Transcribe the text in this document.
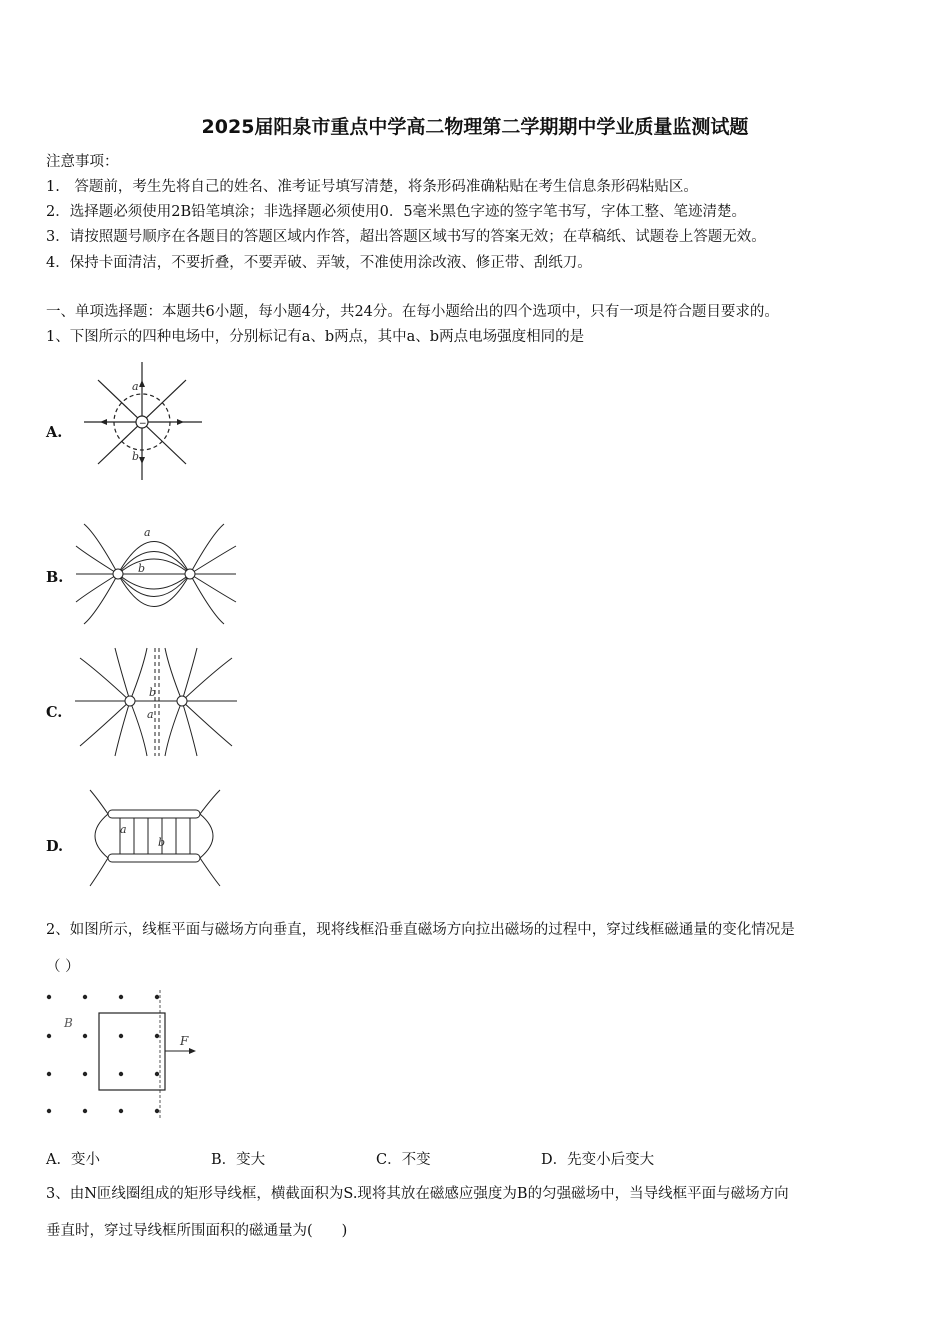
2025届阳泉市重点中学高二物理第二学期期中学业质量监测试题
注意事项：
1.　答题前，考生先将自己的姓名、准考证号填写清楚，将条形码准确粘贴在考生信息条形码粘贴区。
2．选择题必须使用2B铅笔填涂；非选择题必须使用0．5毫米黑色字迹的签字笔书写，字体工整、笔迹清楚。
3．请按照题号顺序在各题目的答题区域内作答，超出答题区域书写的答案无效；在草稿纸、试题卷上答题无效。
4．保持卡面清洁，不要折叠，不要弄破、弄皱，不准使用涂改液、修正带、刮纸刀。
一、单项选择题：本题共6小题，每小题4分，共24分。在每小题给出的四个选项中，只有一项是符合题目要求的。
1、下图所示的四种电场中，分别标记有a、b两点，其中a、b两点电场强度相同的是
A.	−
a
b
B.
a
b
C.
b
a
D.
a
b
2、如图所示，线框平面与磁场方向垂直，现将线框沿垂直磁场方向拉出磁场的过程中，穿过线框磁通量的变化情况是
（ ）
B
F
A．变小	B．变大	C．不变	D．先变小后变大
3、由N匝线圈组成的矩形导线框，横截面积为S.现将其放在磁感应强度为B的匀强磁场中，当导线框平面与磁场方向
垂直时，穿过导线框所围面积的磁通量为(　　)
